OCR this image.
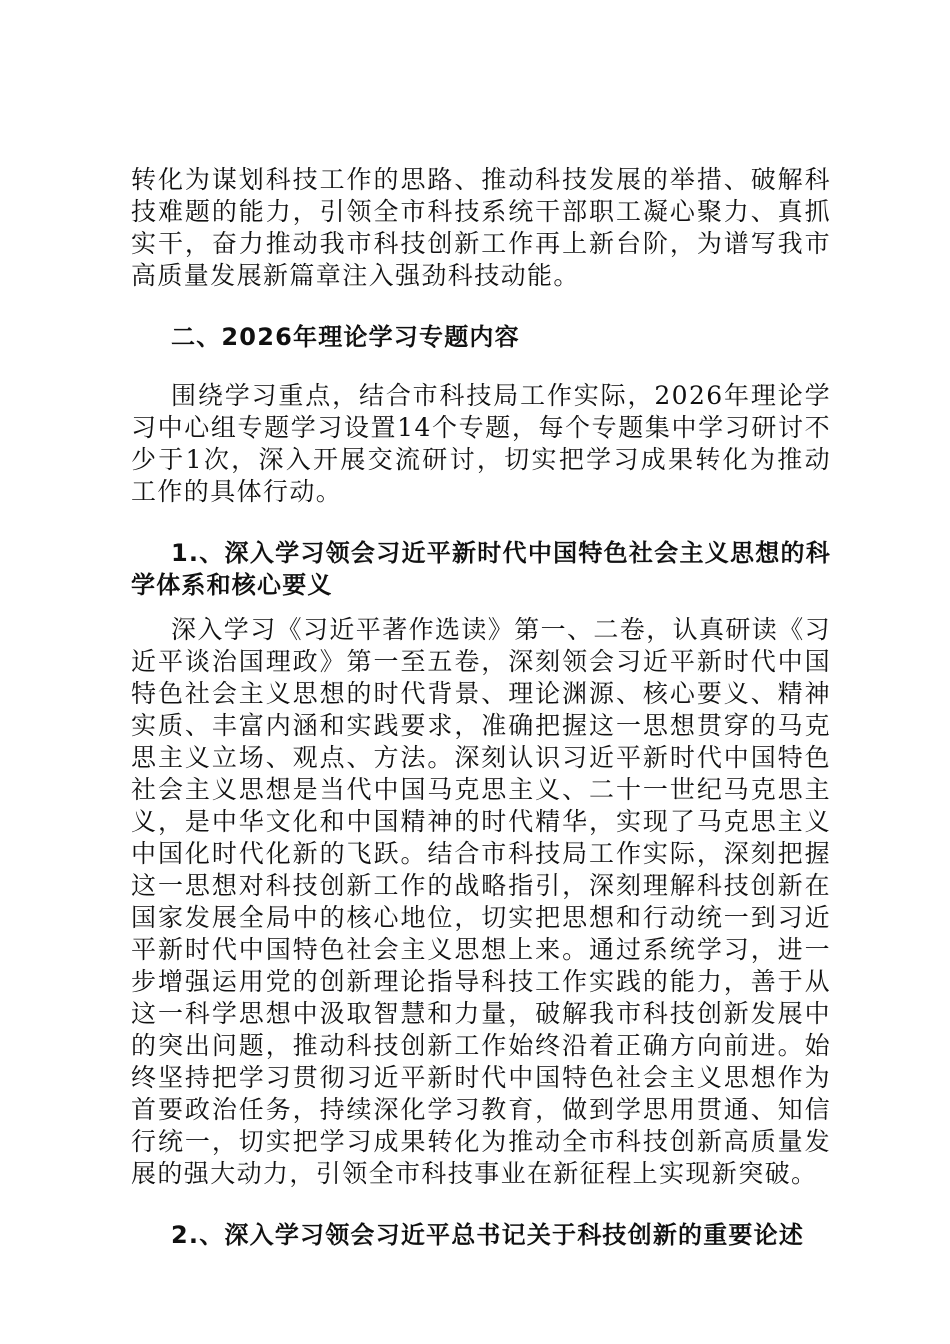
转化为谋划科技工作的思路、推动科技发展的举措、破解科技难题的能力，引领全市科技系统干部职工凝心聚力、真抓实干，奋力推动我市科技创新工作再上新台阶，为谱写我市高质量发展新篇章注入强劲科技动能。

二、2026年理论学习专题内容

围绕学习重点，结合市科技局工作实际，2026年理论学习中心组专题学习设置14个专题，每个专题集中学习研讨不少于1次，深入开展交流研讨，切实把学习成果转化为推动工作的具体行动。

1.、深入学习领会习近平新时代中国特色社会主义思想的科学体系和核心要义

深入学习《习近平著作选读》第一、二卷，认真研读《习近平谈治国理政》第一至五卷，深刻领会习近平新时代中国特色社会主义思想的时代背景、理论渊源、核心要义、精神实质、丰富内涵和实践要求，准确把握这一思想贯穿的马克思主义立场、观点、方法。深刻认识习近平新时代中国特色社会主义思想是当代中国马克思主义、二十一世纪马克思主义，是中华文化和中国精神的时代精华，实现了马克思主义中国化时代化新的飞跃。结合市科技局工作实际，深刻把握这一思想对科技创新工作的战略指引，深刻理解科技创新在国家发展全局中的核心地位，切实把思想和行动统一到习近平新时代中国特色社会主义思想上来。通过系统学习，进一步增强运用党的创新理论指导科技工作实践的能力，善于从这一科学思想中汲取智慧和力量，破解我市科技创新发展中的突出问题，推动科技创新工作始终沿着正确方向前进。始终坚持把学习贯彻习近平新时代中国特色社会主义思想作为首要政治任务，持续深化学习教育，做到学思用贯通、知信行统一，切实把学习成果转化为推动全市科技创新高质量发展的强大动力，引领全市科技事业在新征程上实现新突破。

2.、深入学习领会习近平总书记关于科技创新的重要论述
